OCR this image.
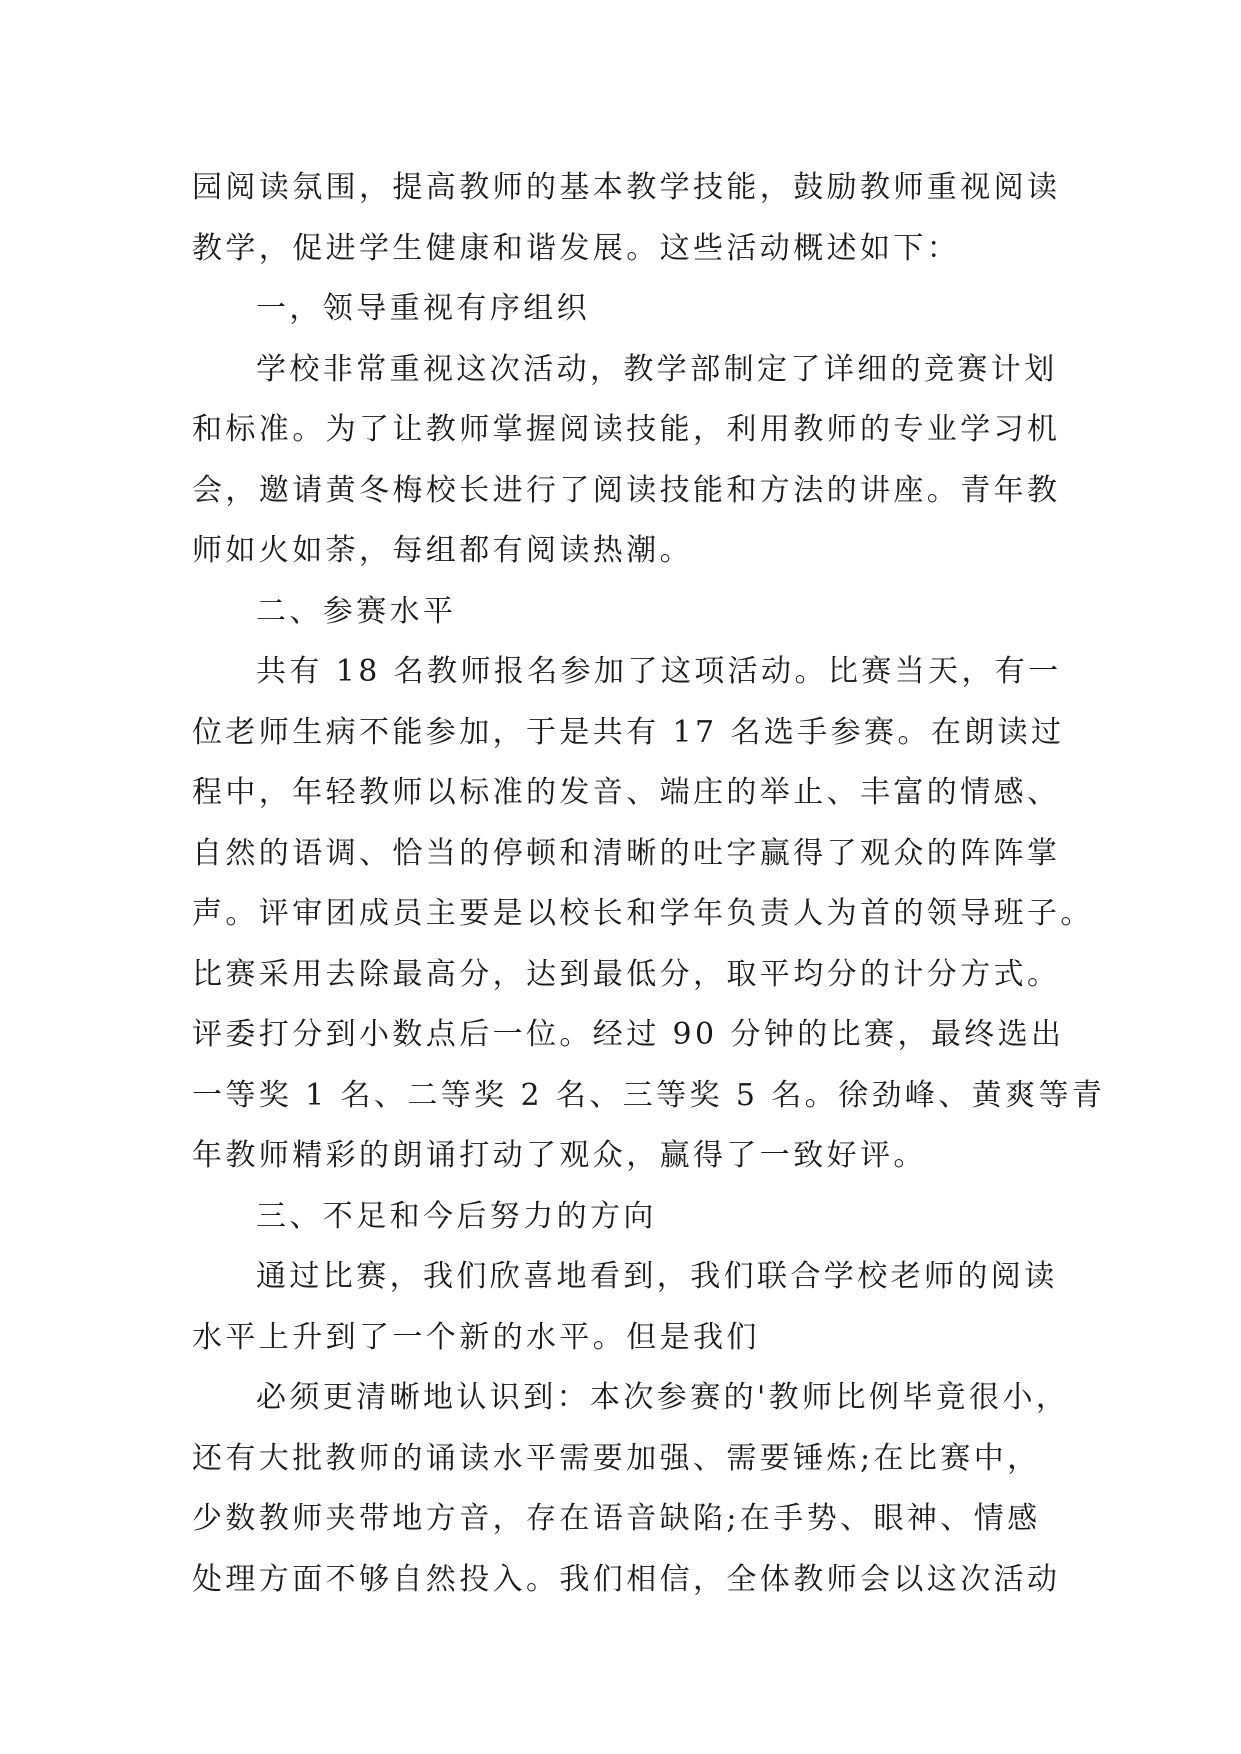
园阅读氛围，提高教师的基本教学技能，鼓励教师重视阅读
教学，促进学生健康和谐发展。这些活动概述如下：
一，领导重视有序组织
学校非常重视这次活动，教学部制定了详细的竞赛计划
和标准。为了让教师掌握阅读技能，利用教师的专业学习机
会，邀请黄冬梅校长进行了阅读技能和方法的讲座。青年教
师如火如荼，每组都有阅读热潮。
二、参赛水平
共有 18 名教师报名参加了这项活动。比赛当天，有一
位老师生病不能参加，于是共有 17 名选手参赛。在朗读过
程中，年轻教师以标准的发音、端庄的举止、丰富的情感、
自然的语调、恰当的停顿和清晰的吐字赢得了观众的阵阵掌
声。评审团成员主要是以校长和学年负责人为首的领导班子。
比赛采用去除最高分，达到最低分，取平均分的计分方式。
评委打分到小数点后一位。经过 90 分钟的比赛，最终选出
一等奖 1 名、二等奖 2 名、三等奖 5 名。徐劲峰、黄爽等青
年教师精彩的朗诵打动了观众，赢得了一致好评。
三、不足和今后努力的方向
通过比赛，我们欣喜地看到，我们联合学校老师的阅读
水平上升到了一个新的水平。但是我们
必须更清晰地认识到：本次参赛的'教师比例毕竟很小，
还有大批教师的诵读水平需要加强、需要锤炼;在比赛中，
少数教师夹带地方音，存在语音缺陷;在手势、眼神、情感
处理方面不够自然投入。我们相信，全体教师会以这次活动
